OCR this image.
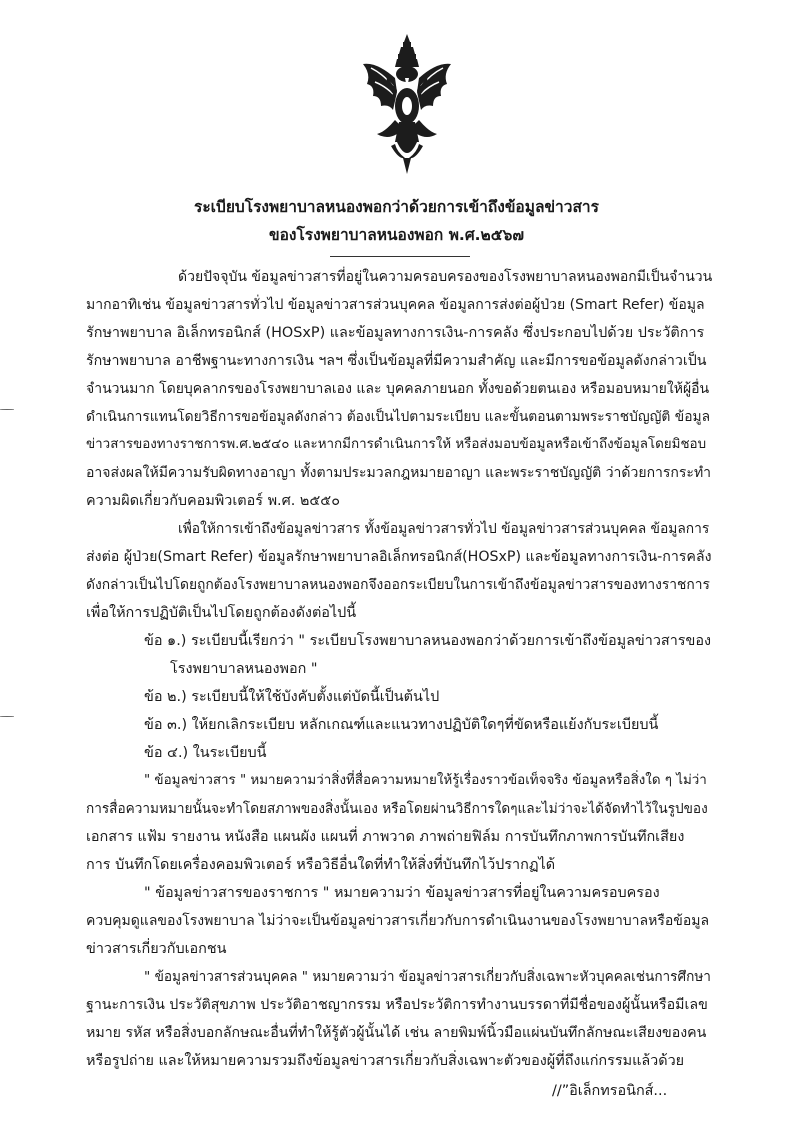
ระเบียบโรงพยาบาลหนองพอกว่าด้วยการเข้าถึงข้อมูลข่าวสาร
ของโรงพยาบาลหนองพอก พ.ศ.๒๕๖๗
ด้วยปัจจุบัน ข้อมูลข่าวสารที่อยู่ในความครอบครองของโรงพยาบาลหนองพอกมีเป็นจำนวน
มากอาทิเช่น ข้อมูลข่าวสารทั่วไป ข้อมูลข่าวสารส่วนบุคคล ข้อมูลการส่งต่อผู้ป่วย (Smart Refer) ข้อมูล
รักษาพยาบาล อิเล็กทรอนิกส์ (HOSxP) และข้อมูลทางการเงิน-การคลัง ซึ่งประกอบไปด้วย ประวัติการ
รักษาพยาบาล อาชีพฐานะทางการเงิน ฯลฯ ซึ่งเป็นข้อมูลที่มีความสำคัญ และมีการขอข้อมูลดังกล่าวเป็น
จำนวนมาก โดยบุคลากรของโรงพยาบาลเอง และ บุคคลภายนอก ทั้งขอด้วยตนเอง หรือมอบหมายให้ผู้อื่น
ดำเนินการแทนโดยวิธีการขอข้อมูลดังกล่าว ต้องเป็นไปตามระเบียบ และขั้นตอนตามพระราชบัญญัติ ข้อมูล
ข่าวสารของทางราชการพ.ศ.๒๕๔๐ และหากมีการดำเนินการให้ หรือส่งมอบข้อมูลหรือเข้าถึงข้อมูลโดยมิชอบ
อาจส่งผลให้มีความรับผิดทางอาญา ทั้งตามประมวลกฎหมายอาญา และพระราชบัญญัติ ว่าด้วยการกระทำ
ความผิดเกี่ยวกับคอมพิวเตอร์ พ.ศ. ๒๕๕๐
เพื่อให้การเข้าถึงข้อมูลข่าวสาร ทั้งข้อมูลข่าวสารทั่วไป ข้อมูลข่าวสารส่วนบุคคล ข้อมูลการ
ส่งต่อ ผู้ป่วย(Smart Refer) ข้อมูลรักษาพยาบาลอิเล็กทรอนิกส์(HOSxP) และข้อมูลทางการเงิน-การคลัง
ดังกล่าวเป็นไปโดยถูกต้องโรงพยาบาลหนองพอกจึงออกระเบียบในการเข้าถึงข้อมูลข่าวสารของทางราชการ
เพื่อให้การปฏิบัติเป็นไปโดยถูกต้องดังต่อไปนี้
ข้อ ๑.) ระเบียบนี้เรียกว่า " ระเบียบโรงพยาบาลหนองพอกว่าด้วยการเข้าถึงข้อมูลข่าวสารของ
โรงพยาบาลหนองพอก "
ข้อ ๒.) ระเบียบนี้ให้ใช้บังคับตั้งแต่บัดนี้เป็นต้นไป
ข้อ ๓.) ให้ยกเลิกระเบียบ หลักเกณฑ์และแนวทางปฏิบัติใดๆที่ขัดหรือแย้งกับระเบียบนี้
ข้อ ๔.) ในระเบียบนี้
" ข้อมูลข่าวสาร " หมายความว่าสิ่งที่สื่อความหมายให้รู้เรื่องราวข้อเท็จจริง ข้อมูลหรือสิ่งใด ๆ ไม่ว่า
การสื่อความหมายนั้นจะทำโดยสภาพของสิ่งนั้นเอง หรือโดยผ่านวิธีการใดๆและไม่ว่าจะได้จัดทำไว้ในรูปของ
เอกสาร แฟ้ม รายงาน หนังสือ แผนผัง แผนที่ ภาพวาด ภาพถ่ายฟิล์ม การบันทึกภาพการบันทึกเสียง
การ บันทึกโดยเครื่องคอมพิวเตอร์ หรือวิธีอื่นใดที่ทำให้สิ่งที่บันทึกไว้ปรากฏได้
" ข้อมูลข่าวสารของราชการ " หมายความว่า ข้อมูลข่าวสารที่อยู่ในความครอบครอง
ควบคุมดูแลของโรงพยาบาล ไม่ว่าจะเป็นข้อมูลข่าวสารเกี่ยวกับการดำเนินงานของโรงพยาบาลหรือข้อมูล
ข่าวสารเกี่ยวกับเอกชน
" ข้อมูลข่าวสารส่วนบุคคล " หมายความว่า ข้อมูลข่าวสารเกี่ยวกับสิ่งเฉพาะหัวบุคคลเช่นการศึกษา
ฐานะการเงิน ประวัติสุขภาพ ประวัติอาชญากรรม หรือประวัติการทำงานบรรดาที่มีชื่อของผู้นั้นหรือมีเลข
หมาย รหัส หรือสิ่งบอกลักษณะอื่นที่ทำให้รู้ตัวผู้นั้นได้ เช่น ลายพิมพ์นิ้วมือแผ่นบันทึกลักษณะเสียงของคน
หรือรูปถ่าย และให้หมายความรวมถึงข้อมูลข่าวสารเกี่ยวกับสิ่งเฉพาะตัวของผู้ที่ถึงแก่กรรมแล้วด้วย
//”อิเล็กทรอนิกส์...
